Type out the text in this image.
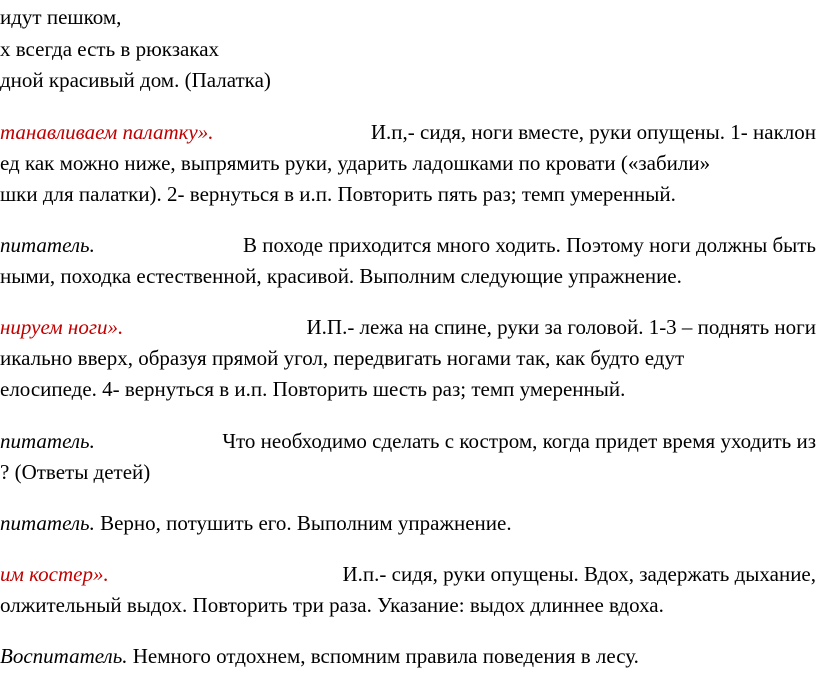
идут пешком,
х всегда есть в рюкзаках
дной красивый дом. (Палатка)
танавливаем палатку».	И.п,- сидя, ноги вместе, руки опущены. 1- наклон
ед как можно ниже, выпрямить руки, ударить ладошками по кровати («забили»
шки для палатки). 2- вернуться в и.п. Повторить пять раз; темп умеренный.
питатель.	В походе приходится много ходить. Поэтому ноги должны быть
ными, походка естественной, красивой. Выполним следующие упражнение.
нируем ноги».	И.П.- лежа на спине, руки за головой. 1-3 – поднять ноги
икально вверх, образуя прямой угол, передвигать ногами так, как будто едут
елосипеде. 4- вернуться в и.п. Повторить шесть раз; темп умеренный.
питатель.	Что необходимо сделать с костром, когда придет время уходить из
? (Ответы детей)
питатель. Верно, потушить его. Выполним упражнение.
им костер».	И.п.- сидя, руки опущены. Вдох, задержать дыхание,
олжительный выдох. Повторить три раза. Указание: выдох длиннее вдоха.
Воспитатель. Немного отдохнем, вспомним правила поведения в лесу.
